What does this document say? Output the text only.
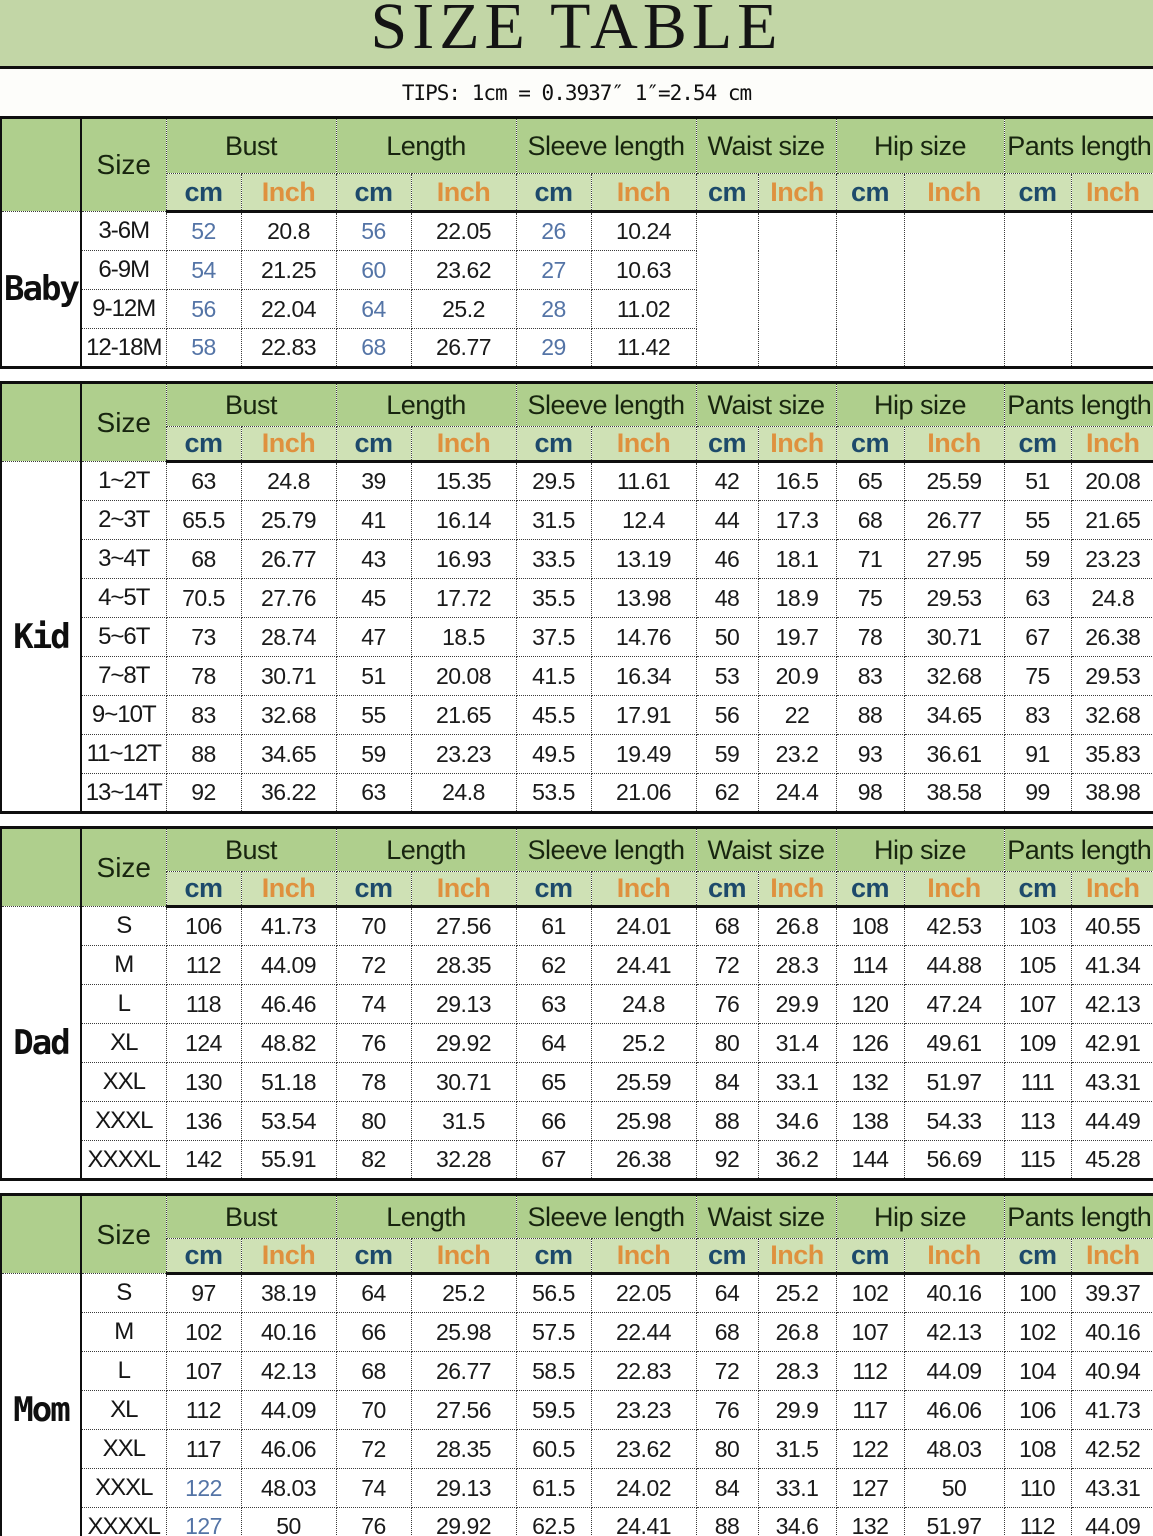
SIZE TABLE
TIPS: 1cm = 0.3937″ 1″=2.54 cm
	Size	Bust		Length		Sleeve length		Waist size		Hip size		Pants length	
		cm	Inch	cm	Inch	cm	Inch	cm	Inch	cm	Inch	cm	Inch
Baby	3-6M	52	20.8	56	22.05	26	10.24						
	6-9M	54	21.25	60	23.62	27	10.63						
	9-12M	56	22.04	64	25.2	28	11.02						
	12-18M	58	22.83	68	26.77	29	11.42						
	Size	Bust		Length		Sleeve length		Waist size		Hip size		Pants length	
		cm	Inch	cm	Inch	cm	Inch	cm	Inch	cm	Inch	cm	Inch
Kid	1~2T	63	24.8	39	15.35	29.5	11.61	42	16.5	65	25.59	51	20.08
	2~3T	65.5	25.79	41	16.14	31.5	12.4	44	17.3	68	26.77	55	21.65
	3~4T	68	26.77	43	16.93	33.5	13.19	46	18.1	71	27.95	59	23.23
	4~5T	70.5	27.76	45	17.72	35.5	13.98	48	18.9	75	29.53	63	24.8
	5~6T	73	28.74	47	18.5	37.5	14.76	50	19.7	78	30.71	67	26.38
	7~8T	78	30.71	51	20.08	41.5	16.34	53	20.9	83	32.68	75	29.53
	9~10T	83	32.68	55	21.65	45.5	17.91	56	22	88	34.65	83	32.68
	11~12T	88	34.65	59	23.23	49.5	19.49	59	23.2	93	36.61	91	35.83
	13~14T	92	36.22	63	24.8	53.5	21.06	62	24.4	98	38.58	99	38.98
	Size	Bust		Length		Sleeve length		Waist size		Hip size		Pants length	
		cm	Inch	cm	Inch	cm	Inch	cm	Inch	cm	Inch	cm	Inch
Dad	S	106	41.73	70	27.56	61	24.01	68	26.8	108	42.53	103	40.55
	M	112	44.09	72	28.35	62	24.41	72	28.3	114	44.88	105	41.34
	L	118	46.46	74	29.13	63	24.8	76	29.9	120	47.24	107	42.13
	XL	124	48.82	76	29.92	64	25.2	80	31.4	126	49.61	109	42.91
	XXL	130	51.18	78	30.71	65	25.59	84	33.1	132	51.97	111	43.31
	XXXL	136	53.54	80	31.5	66	25.98	88	34.6	138	54.33	113	44.49
	XXXXL	142	55.91	82	32.28	67	26.38	92	36.2	144	56.69	115	45.28
	Size	Bust		Length		Sleeve length		Waist size		Hip size		Pants length	
		cm	Inch	cm	Inch	cm	Inch	cm	Inch	cm	Inch	cm	Inch
Mom	S	97	38.19	64	25.2	56.5	22.05	64	25.2	102	40.16	100	39.37
	M	102	40.16	66	25.98	57.5	22.44	68	26.8	107	42.13	102	40.16
	L	107	42.13	68	26.77	58.5	22.83	72	28.3	112	44.09	104	40.94
	XL	112	44.09	70	27.56	59.5	23.23	76	29.9	117	46.06	106	41.73
	XXL	117	46.06	72	28.35	60.5	23.62	80	31.5	122	48.03	108	42.52
	XXXL	122	48.03	74	29.13	61.5	24.02	84	33.1	127	50	110	43.31
	XXXXL	127	50	76	29.92	62.5	24.41	88	34.6	132	51.97	112	44.09
